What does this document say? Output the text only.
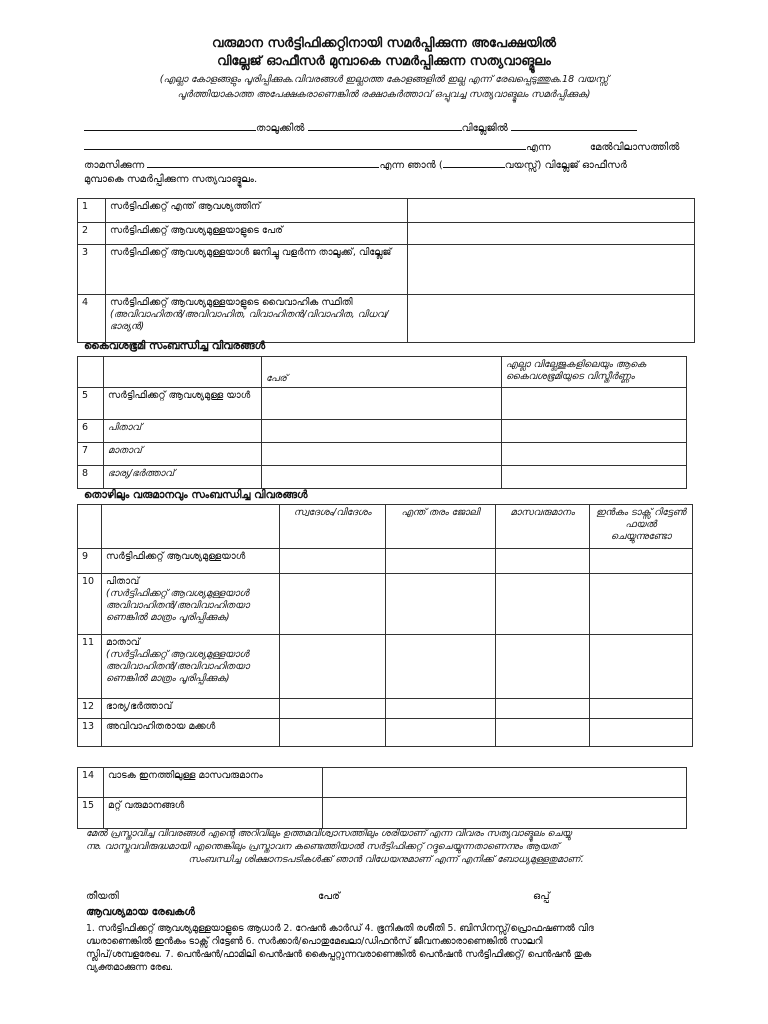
വരുമാന സർട്ടിഫിക്കറ്റിനായി സമർപ്പിക്കുന്ന അപേക്ഷയിൽ
വില്ലേജ് ഓഫീസർ മുമ്പാകെ സമർപ്പിക്കുന്ന സത്യവാങ്മൂലം
(എല്ലാ കോളങ്ങളും പൂരിപ്പിക്കുക.വിവരങ്ങൾ ഇല്ലാത്ത കോളങ്ങളിൽ ഇല്ല എന്ന് രേഖപ്പെടുത്തുക.18 വയസ്സ്
പൂർത്തിയാകാത്ത അപേക്ഷകരാണെങ്കിൽ രക്ഷാകർത്താവ് ഒപ്പുവച്ച സത്യവാങ്മൂലം സമർപ്പിക്കുക)
താലൂക്കിൽ	വില്ലേജിൽ
എന്ന	മേൽവിലാസത്തിൽ
താമസിക്കുന്ന	എന്ന ഞാൻ (	വയസ്സ്) വില്ലേജ് ഓഫീസർ
മുമ്പാകെ സമർപ്പിക്കുന്ന സത്യവാങ്മൂലം.
1	സർട്ടിഫിക്കറ്റ് എന്ത് ആവശ്യത്തിന്	
2	സർട്ടിഫിക്കറ്റ് ആവശ്യമുള്ളയാളുടെ പേര്	
3	സർട്ടിഫിക്കറ്റ് ആവശ്യമുള്ളയാൾ ജനിച്ചു വളർന്ന താലൂക്ക്, വില്ലേജ്	
4	സർട്ടിഫിക്കറ്റ് ആവശ്യമുള്ളയാളുടെ വൈവാഹിക സ്ഥിതി
(അവിവാഹിതൻ/അവിവാഹിത, വിവാഹിതൻ/വിവാഹിത, വിധവ/ഭാര്യൻ)	
കൈവശഭൂമി സംബന്ധിച്ച വിവരങ്ങൾ
		പേര്	എല്ലാ വില്ലേജുകളിലെയും ആകെ കൈവശഭൂമിയുടെ വിസ്തീർണ്ണം
5	സർട്ടിഫിക്കറ്റ് ആവശ്യമുള്ള യാൾ		
6	പിതാവ്		
7	മാതാവ്		
8	ഭാര്യ/ഭർത്താവ്		
തൊഴിലും വരുമാനവും സംബന്ധിച്ച വിവരങ്ങൾ
		സ്വദേശം/വിദേശം	എന്ത് തരം ജോലി	മാസവരുമാനം	ഇൻകം ടാക്സ് റിട്ടേൺ ഫയൽ ചെയ്യുന്നുണ്ടോ
9	സർട്ടിഫിക്കറ്റ് ആവശ്യമുള്ളയാൾ				
10	പിതാവ്
(സർട്ടിഫിക്കറ്റ് ആവശ്യമുള്ളയാൾ അവിവാഹിതൻ/അവിവാഹിതയാ ണെങ്കിൽ മാത്രം പൂരിപ്പിക്കുക)				
11	മാതാവ്
(സർട്ടിഫിക്കറ്റ് ആവശ്യമുള്ളയാൾ അവിവാഹിതൻ/അവിവാഹിതയാ ണെങ്കിൽ മാത്രം പൂരിപ്പിക്കുക)				
12	ഭാര്യ/ഭർത്താവ്				
13	അവിവാഹിതരായ മക്കൾ				
14	വാടക ഇനത്തിലുള്ള മാസവരുമാനം	
15	മറ്റ് വരുമാനങ്ങൾ	
മേൽ പ്രസ്താവിച്ച വിവരങ്ങൾ എന്റെ അറിവിലും ഉത്തമവിശ്വാസത്തിലും ശരിയാണ് എന്ന വിവരം സത്യവാങ്മൂലം ചെയ്യു
ന്നു. വാസ്തവവിരുദ്ധമായി എന്തെങ്കിലും പ്രസ്താവന കണ്ടെത്തിയാൽ സർട്ടിഫിക്കറ്റ് റദ്ദുചെയ്യുന്നതാണെന്നും ആയത്
സംബന്ധിച്ച ശിക്ഷാനടപടികൾക്ക് ഞാൻ വിധേയനുമാണ് എന്ന് എനിക്ക് ബോധ്യമുള്ളതുമാണ്.
തീയതി	പേര്	ഒപ്പ്
ആവശ്യമായ രേഖകൾ
1. സർട്ടിഫിക്കറ്റ് ആവശ്യമുള്ളയാളുടെ ആധാർ 2. റേഷൻ കാർഡ് 4. ഭൂനികുതി രശീതി 5. ബിസിനസ്സ്/പ്രൊഫഷണൽ വിദ
ഗ്ദ്ധരാണെങ്കിൽ ഇൻകം ടാക്സ് റിട്ടേൺ 6. സർക്കാർ/പൊതുമേഖലാ/ഡിഫൻസ് ജീവനക്കാരാണെങ്കിൽ സാലറി
സ്ലിപ്/ശമ്പളരേഖ. 7. പെൻഷൻ/ഫാമിലി പെൻഷൻ കൈപ്പറ്റുന്നവരാണെങ്കിൽ പെൻഷൻ സർട്ടിഫിക്കറ്റ്/ പെൻഷൻ തുക
വ്യക്തമാക്കുന്ന രേഖ.
